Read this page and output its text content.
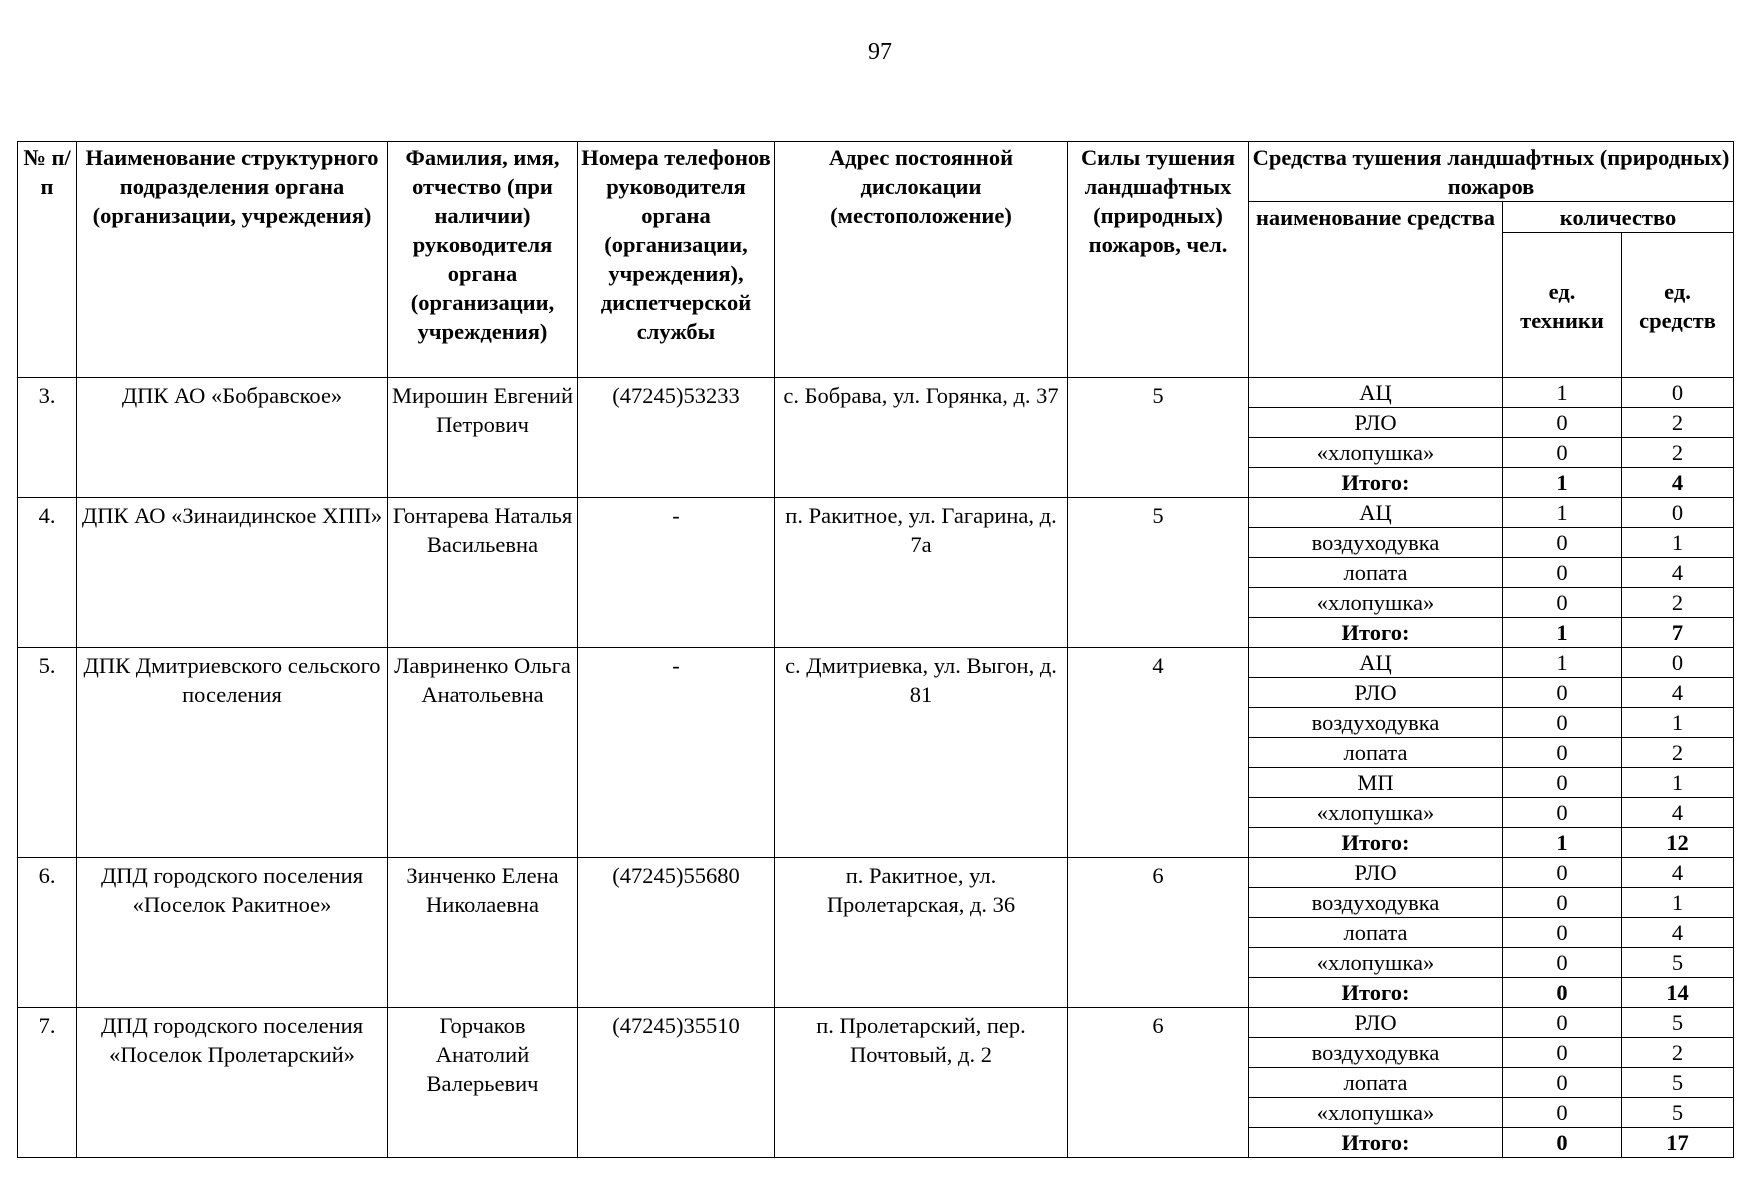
97
№ п/п	Наименование структурного подразделения органа (организации, учреждения)	Фамилия, имя, отчество (при наличии) руководителя органа (организации, учреждения)	Номера телефонов руководителя органа (организации, учреждения), диспетчерской службы	Адрес постоянной дислокации (местоположение)	Силы тушения ландшафтных (природных) пожаров, чел.	Средства тушения ландшафтных (природных) пожаров		
						наименование средства	количество	
							ед. техники	ед. средств
3.	ДПК АО «Бобравское»	Мирошин Евгений Петрович	(47245)53233	с. Бобрава, ул. Горянка, д. 37	5	АЦ	1	0
						РЛО	0	2
						«хлопушка»	0	2
						Итого:	1	4
4.	ДПК АО «Зинаидинское ХПП»	Гонтарева Наталья Васильевна	-	п. Ракитное, ул. Гагарина, д. 7а	5	АЦ	1	0
						воздуходувка	0	1
						лопата	0	4
						«хлопушка»	0	2
						Итого:	1	7
5.	ДПК Дмитриевского сельского поселения	Лавриненко Ольга Анатольевна	-	с. Дмитриевка, ул. Выгон, д. 81	4	АЦ	1	0
						РЛО	0	4
						воздуходувка	0	1
						лопата	0	2
						МП	0	1
						«хлопушка»	0	4
						Итого:	1	12
6.	ДПД городского поселения «Поселок Ракитное»	Зинченко Елена Николаевна	(47245)55680	п. Ракитное, ул. Пролетарская, д. 36	6	РЛО	0	4
						воздуходувка	0	1
						лопата	0	4
						«хлопушка»	0	5
						Итого:	0	14
7.	ДПД городского поселения «Поселок Пролетарский»	Горчаков Анатолий Валерьевич	(47245)35510	п. Пролетарский, пер. Почтовый, д. 2	6	РЛО	0	5
						воздуходувка	0	2
						лопата	0	5
						«хлопушка»	0	5
						Итого:	0	17
